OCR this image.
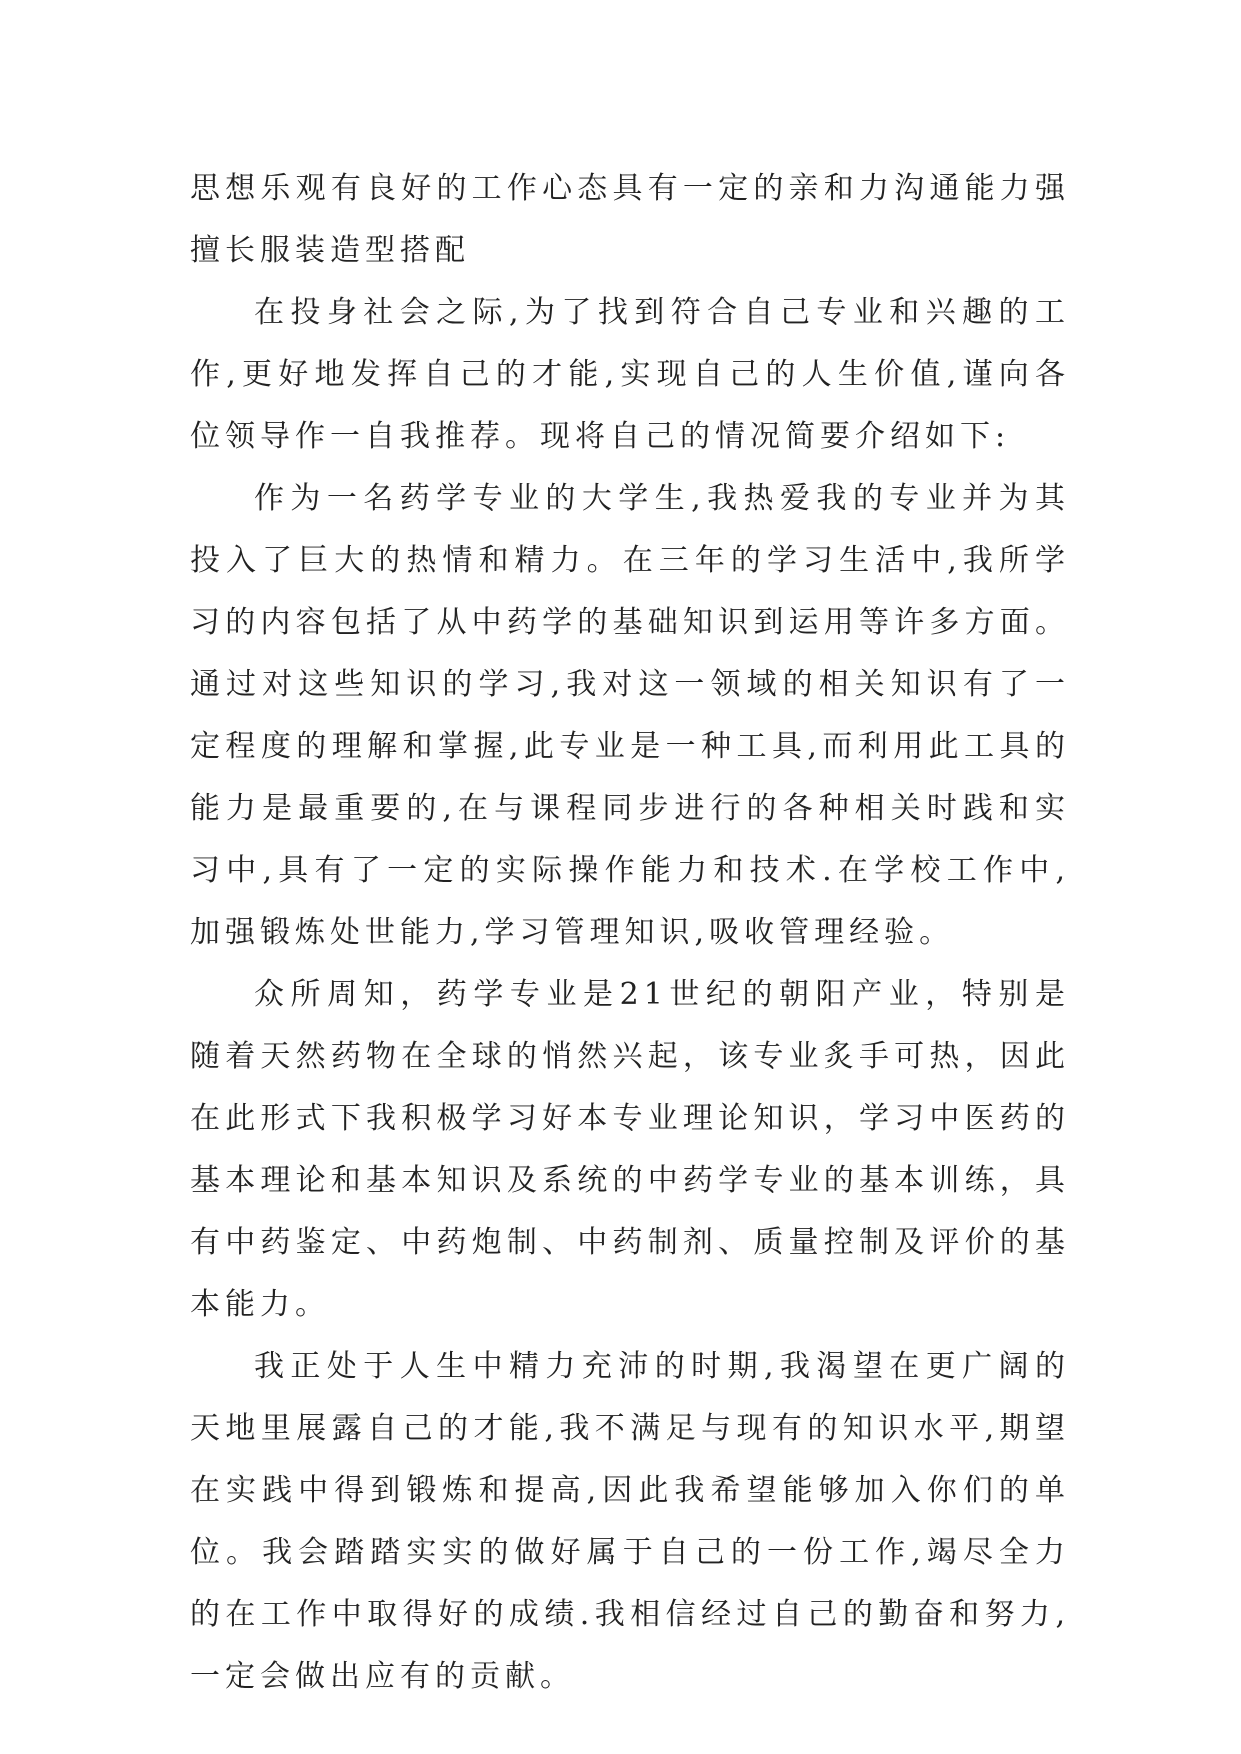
思想乐观有良好的工作心态具有一定的亲和力沟通能力强擅长服装造型搭配

在投身社会之际,为了找到符合自己专业和兴趣的工作,更好地发挥自己的才能,实现自己的人生价值,谨向各位领导作一自我推荐。现将自己的情况简要介绍如下:

作为一名药学专业的大学生,我热爱我的专业并为其投入了巨大的热情和精力。在三年的学习生活中,我所学习的内容包括了从中药学的基础知识到运用等许多方面。通过对这些知识的学习,我对这一领域的相关知识有了一定程度的理解和掌握,此专业是一种工具,而利用此工具的能力是最重要的,在与课程同步进行的各种相关时践和实习中,具有了一定的实际操作能力和技术.在学校工作中,加强锻炼处世能力,学习管理知识,吸收管理经验。

众所周知，药学专业是21世纪的朝阳产业，特别是随着天然药物在全球的悄然兴起，该专业炙手可热，因此在此形式下我积极学习好本专业理论知识，学习中医药的基本理论和基本知识及系统的中药学专业的基本训练，具有中药鉴定、中药炮制、中药制剂、质量控制及评价的基本能力。

我正处于人生中精力充沛的时期,我渴望在更广阔的天地里展露自己的才能,我不满足与现有的知识水平,期望在实践中得到锻炼和提高,因此我希望能够加入你们的单位。我会踏踏实实的做好属于自己的一份工作,竭尽全力的在工作中取得好的成绩.我相信经过自己的勤奋和努力,一定会做出应有的贡献。
